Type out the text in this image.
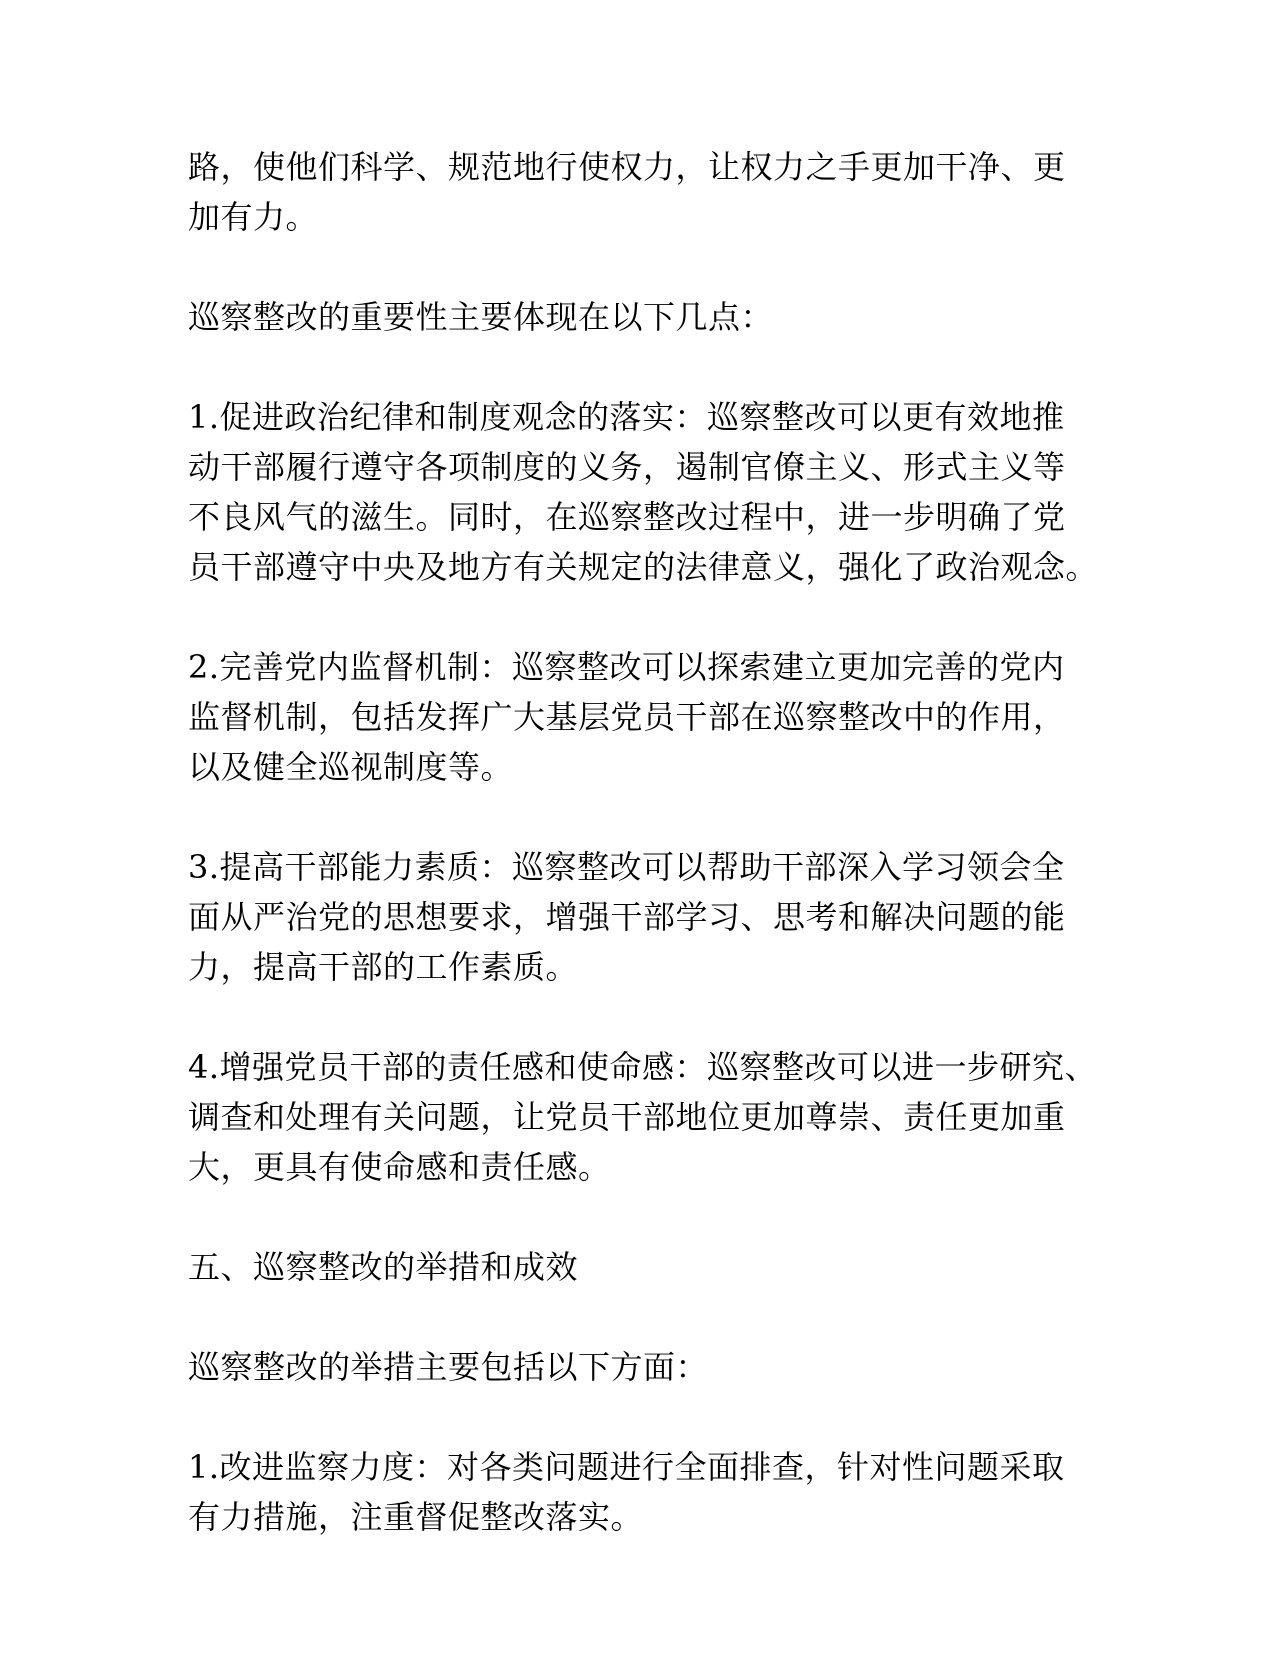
路，使他们科学、规范地行使权力，让权力之手更加干净、更
加有力。

巡察整改的重要性主要体现在以下几点：

1.促进政治纪律和制度观念的落实：巡察整改可以更有效地推
动干部履行遵守各项制度的义务，遏制官僚主义、形式主义等
不良风气的滋生。同时，在巡察整改过程中，进一步明确了党
员干部遵守中央及地方有关规定的法律意义，强化了政治观念。

2.完善党内监督机制：巡察整改可以探索建立更加完善的党内
监督机制，包括发挥广大基层党员干部在巡察整改中的作用，
以及健全巡视制度等。

3.提高干部能力素质：巡察整改可以帮助干部深入学习领会全
面从严治党的思想要求，增强干部学习、思考和解决问题的能
力，提高干部的工作素质。

4.增强党员干部的责任感和使命感：巡察整改可以进一步研究、
调查和处理有关问题，让党员干部地位更加尊崇、责任更加重
大，更具有使命感和责任感。

五、巡察整改的举措和成效

巡察整改的举措主要包括以下方面：

1.改进监察力度：对各类问题进行全面排查，针对性问题采取
有力措施，注重督促整改落实。
